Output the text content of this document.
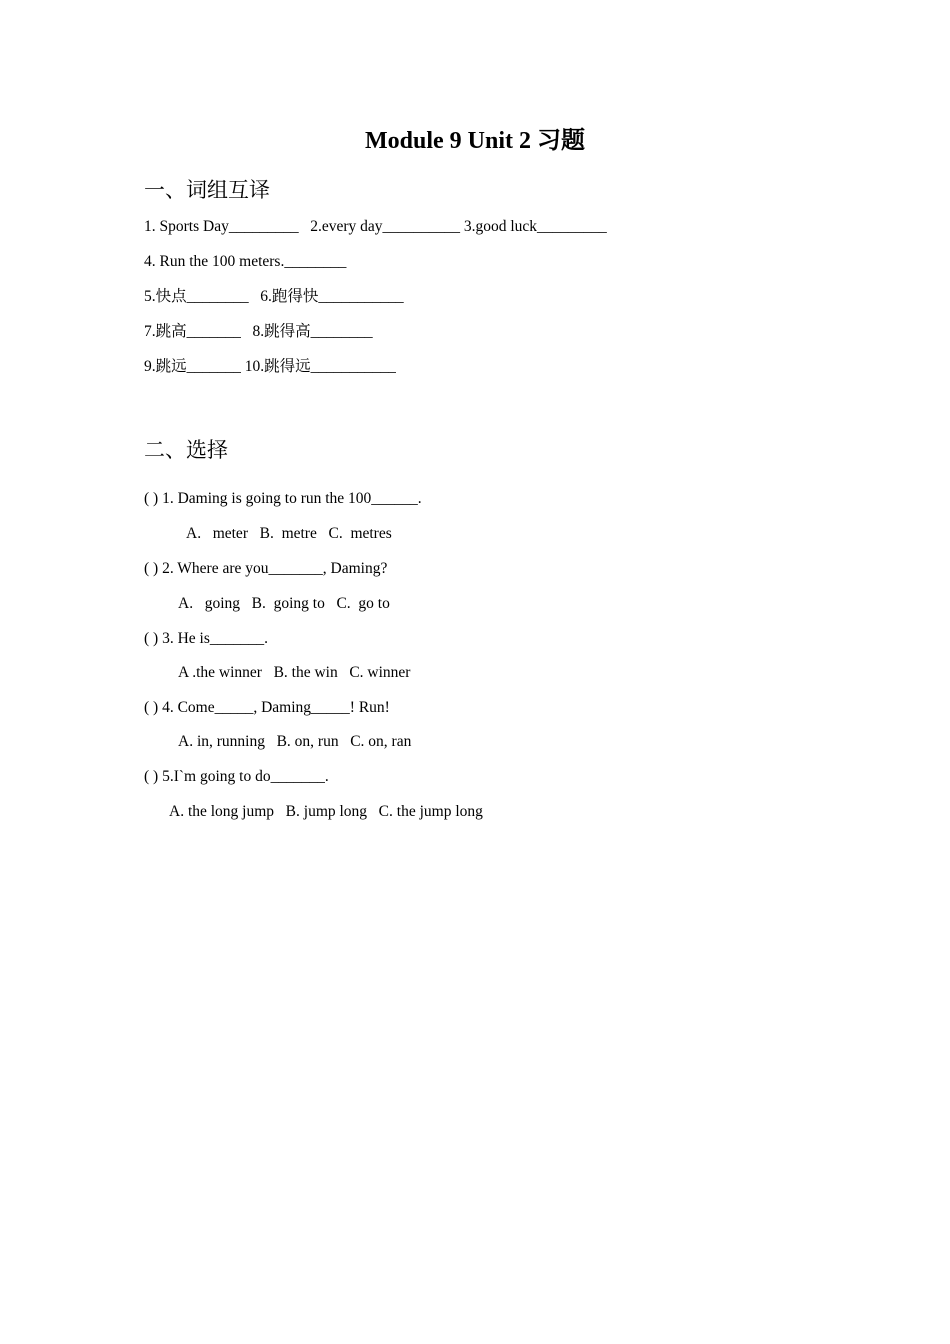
Module 9 Unit 2 习题
一、词组互译
1. Sports Day_________   2.every day__________ 3.good luck_________
4. Run the 100 meters.________
5.快点________   6.跑得快___________
7.跳高_______   8.跳得高________
9.跳远_______ 10.跳得远___________
二、选择
( ) 1. Daming is going to run the 100______.
A.   meter   B.  metre   C.  metres
( ) 2. Where are you_______, Daming?
A.   going   B.  going to   C.  go to
( ) 3. He is_______.
A .the winner   B. the win   C. winner
( ) 4. Come_____, Daming_____! Run!
A. in, running   B. on, run   C. on, ran
( ) 5.I`m going to do_______.
A. the long jump   B. jump long   C. the jump long
